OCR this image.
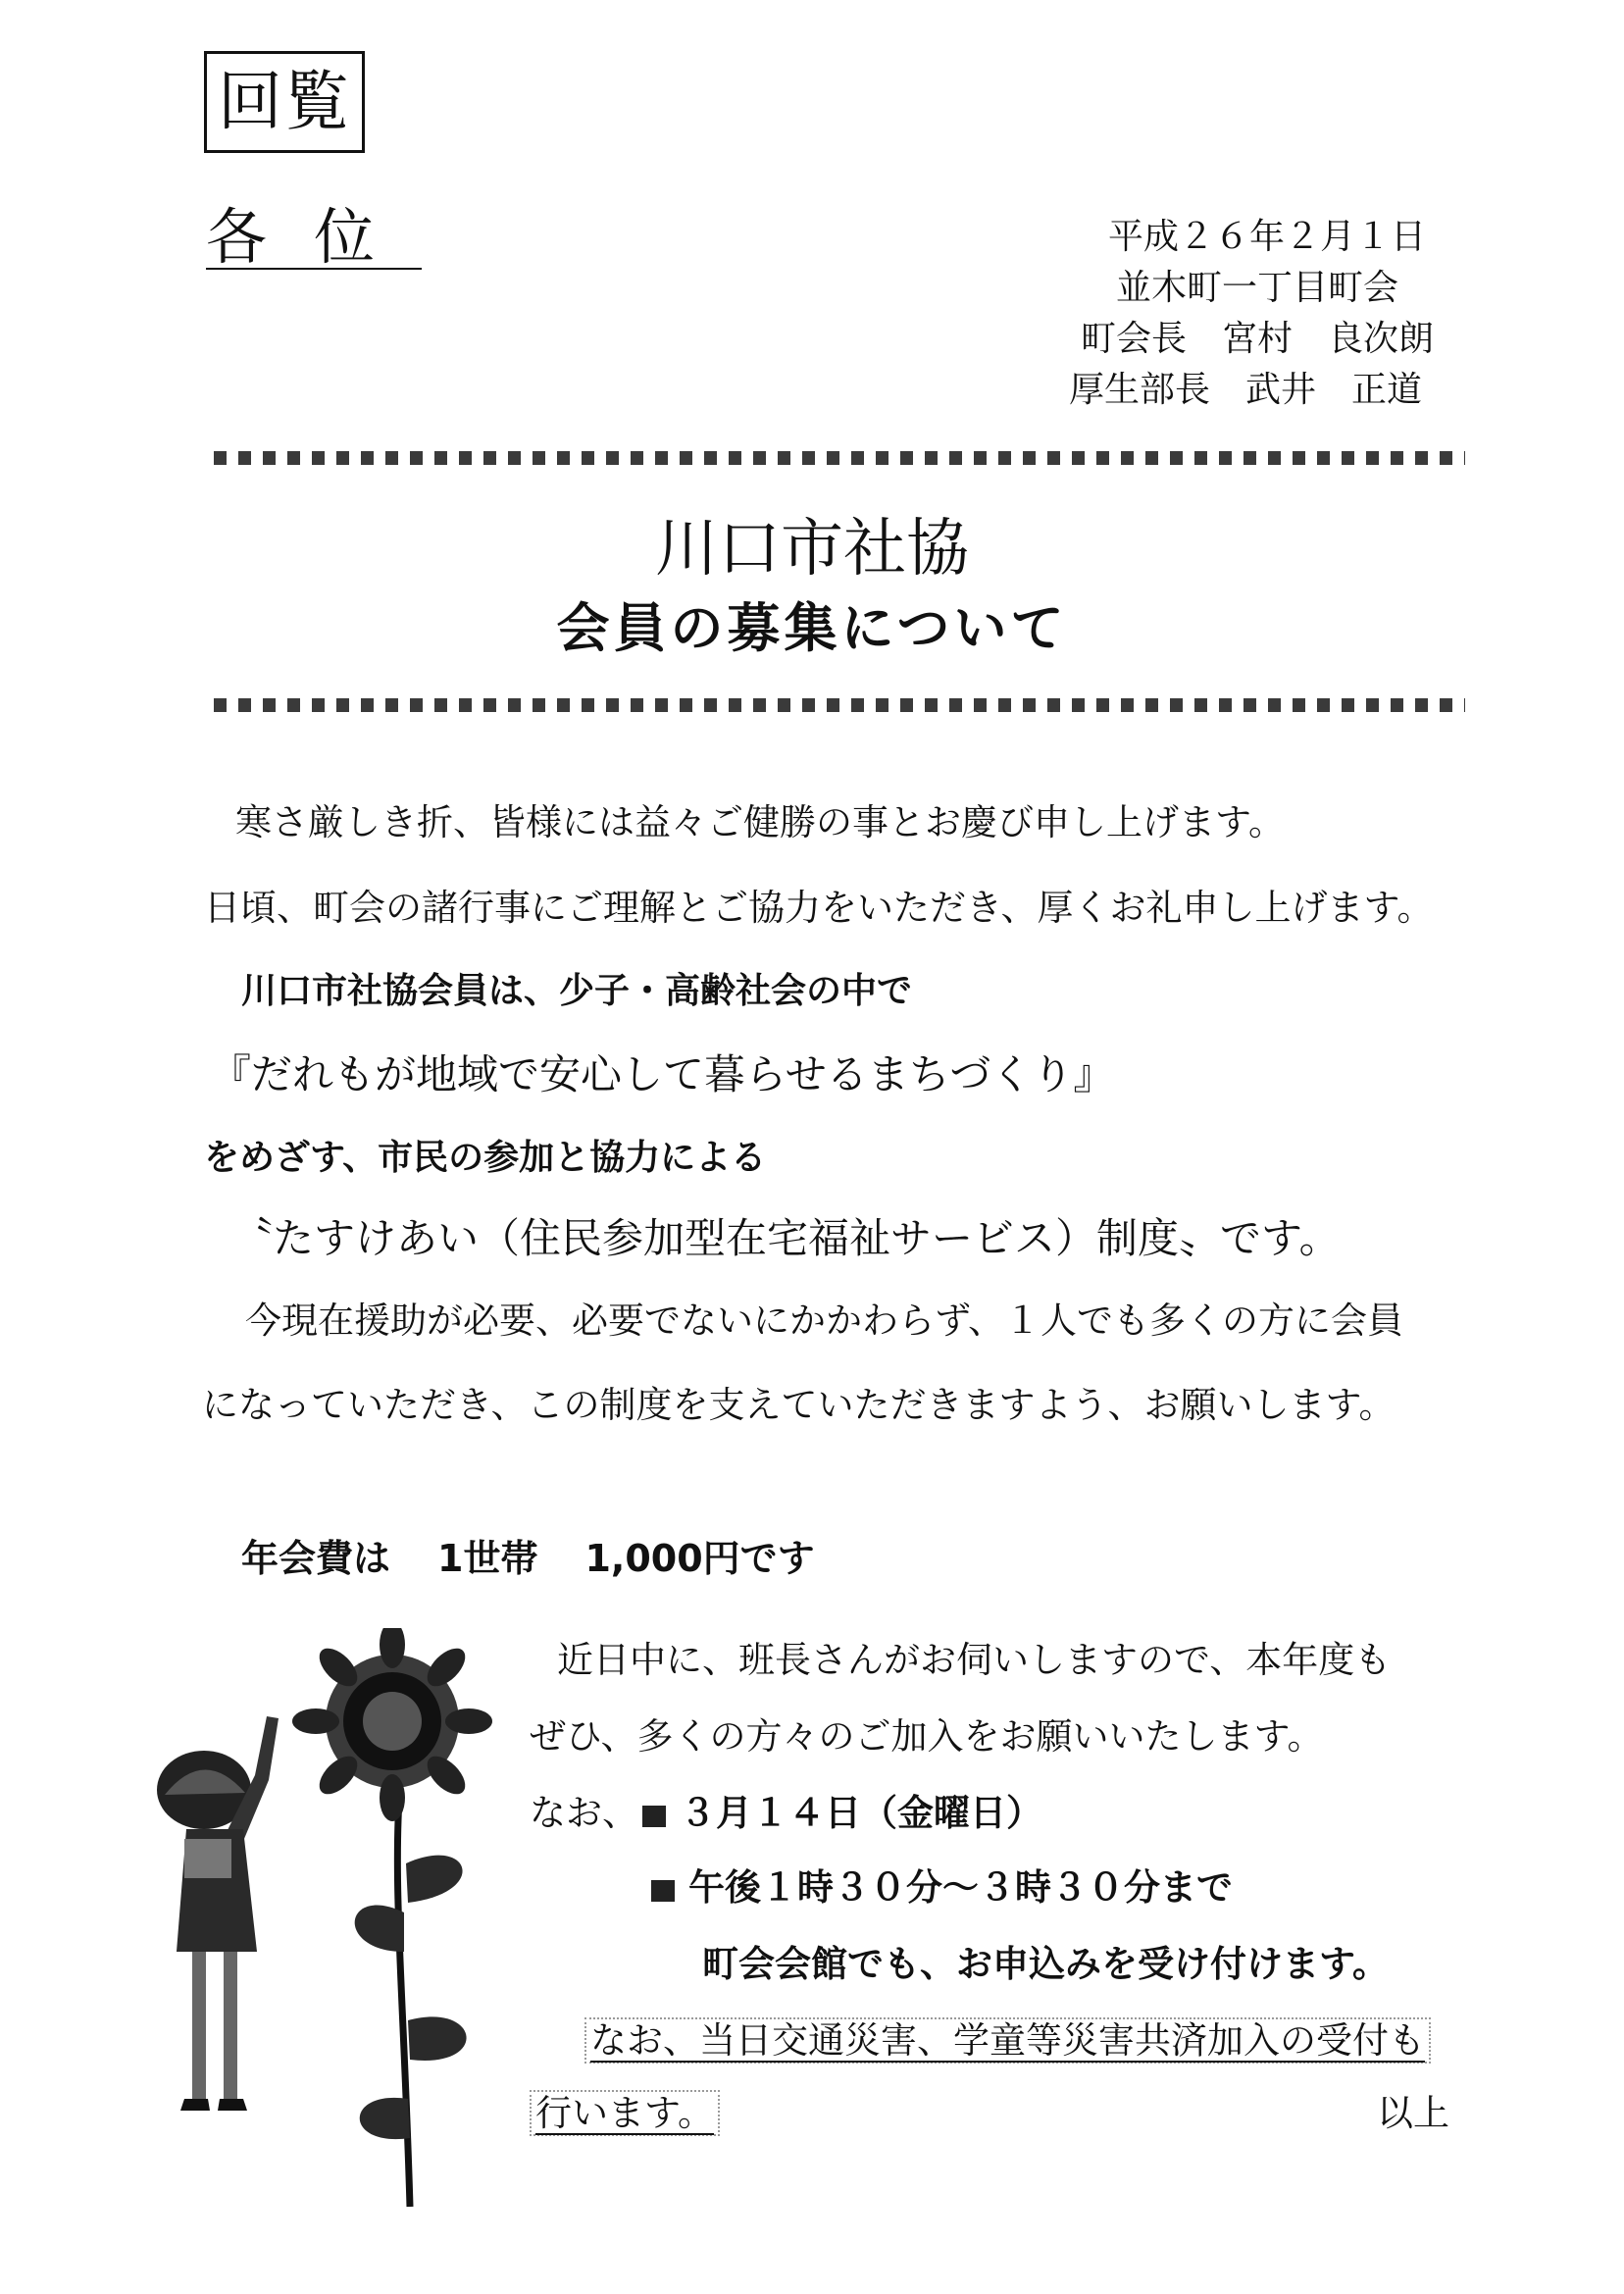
回覧
各位	平成２６年２月１日
並木町一丁目町会
町会長　宮村　良次朗
厚生部長　武井　正道
川口市社協
会員の募集について
寒さ厳しき折、皆様には益々ご健勝の事とお慶び申し上げます。
日頃、町会の諸行事にご理解とご協力をいただき、厚くお礼申し上げます。
川口市社協会員は、少子・高齢社会の中で
『だれもが地域で安心して暮らせるまちづくり』
をめざす、市民の参加と協力による
〝たすけあい（住民参加型在宅福祉サービス）制度〟です。
今現在援助が必要、必要でないにかかわらず、１人でも多くの方に会員
になっていただき、この制度を支えていただきますよう、お願いします。
年会費は 1世帯 1,000円です
近日中に、班長さんがお伺いしますので、本年度も
ぜひ、多くの方々のご加入をお願いいたします。
なお、 ３月１４日（金曜日）
午後１時３０分～３時３０分まで
町会会館でも、お申込みを受け付けます。
なお、当日交通災害、学童等災害共済加入の受付も
行います。	以上
